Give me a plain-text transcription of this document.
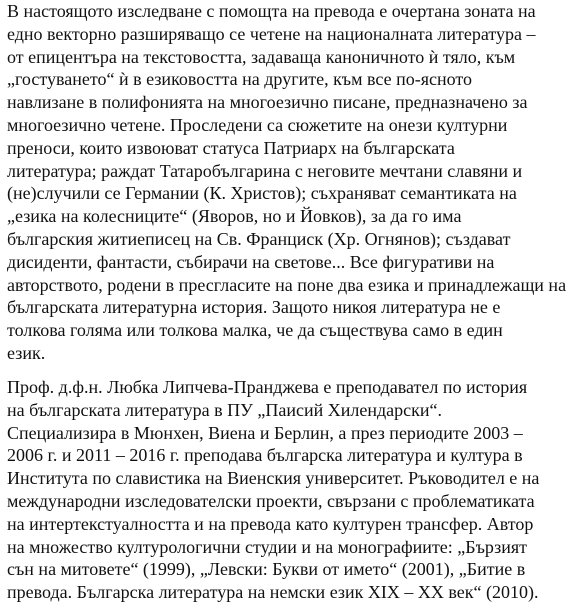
В настоящото изследване с помощта на превода е очертана зоната на
едно векторно разширяващо се четене на националната литература –
от епицентъра на текстовостта, задаваща каноничното ѝ тяло, към
„гостуването“ ѝ в езиковостта на другите, към все по-ясното
навлизане в полифонията на многоезично писане, предназначено за
многоезично четене. Проследени са сюжетите на онези културни
преноси, които извоюват статуса Патриарх на българската
литература; раждат Татаробългарина с неговите мечтани славяни и
(не)случили се Германии (К. Христов); съхраняват семантиката на
„езика на колесниците“ (Яворов, но и Йовков), за да го има
българския житиеписец на Св. Франциск (Хр. Огнянов); създават
дисиденти, фантасти, събирачи на световe... Все фигуративи на
авторството, родени в пресгласите на поне два езика и принадлежащи на
българската литературна история. Защото никоя литература не е
толкова голяма или толкова малка, че да съществува само в един
език.
Проф. д.ф.н. Любка Липчева-Пранджева е преподавател по история
на българската литература в ПУ „Паисий Хилендарски“.
Специализира в Мюнхен, Виена и Берлин, а през периодите 2003 –
2006 г. и 2011 – 2016 г. преподава българска литература и култура в
Института по славистика на Виенския университет. Ръководител е на
международни изследователски проекти, свързани с проблематиката
на интертекстуалността и на превода като културен трансфер. Автор
на множество културологични студии и на монографиите: „Бързият
сън на митовете“ (1999), „Левски: Букви от името“ (2001), „Битие в
превода. Българска литература на немски език XIX – XX век“ (2010).
